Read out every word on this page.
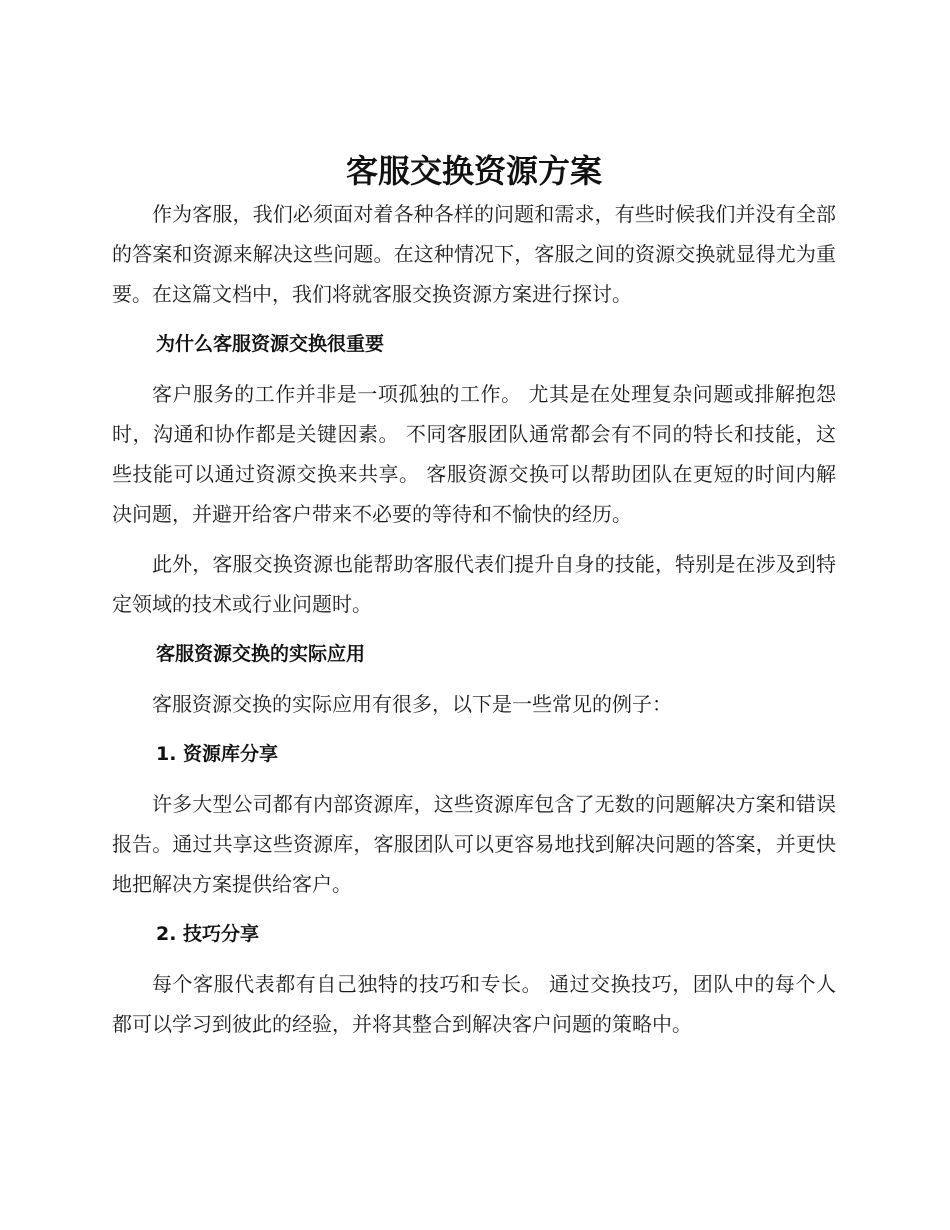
客服交换资源方案

作为客服，我们必须面对着各种各样的问题和需求，有些时候我们并没有全部的答案和资源来解决这些问题。在这种情况下，客服之间的资源交换就显得尤为重要。在这篇文档中，我们将就客服交换资源方案进行探讨。

为什么客服资源交换很重要

客户服务的工作并非是一项孤独的工作。 尤其是在处理复杂问题或排解抱怨时，沟通和协作都是关键因素。 不同客服团队通常都会有不同的特长和技能，这些技能可以通过资源交换来共享。 客服资源交换可以帮助团队在更短的时间内解决问题，并避开给客户带来不必要的等待和不愉快的经历。

此外，客服交换资源也能帮助客服代表们提升自身的技能，特别是在涉及到特定领域的技术或行业问题时。

客服资源交换的实际应用

客服资源交换的实际应用有很多，以下是一些常见的例子：

1. 资源库分享

许多大型公司都有内部资源库，这些资源库包含了无数的问题解决方案和错误报告。通过共享这些资源库，客服团队可以更容易地找到解决问题的答案，并更快地把解决方案提供给客户。

2. 技巧分享

每个客服代表都有自己独特的技巧和专长。 通过交换技巧，团队中的每个人都可以学习到彼此的经验，并将其整合到解决客户问题的策略中。
